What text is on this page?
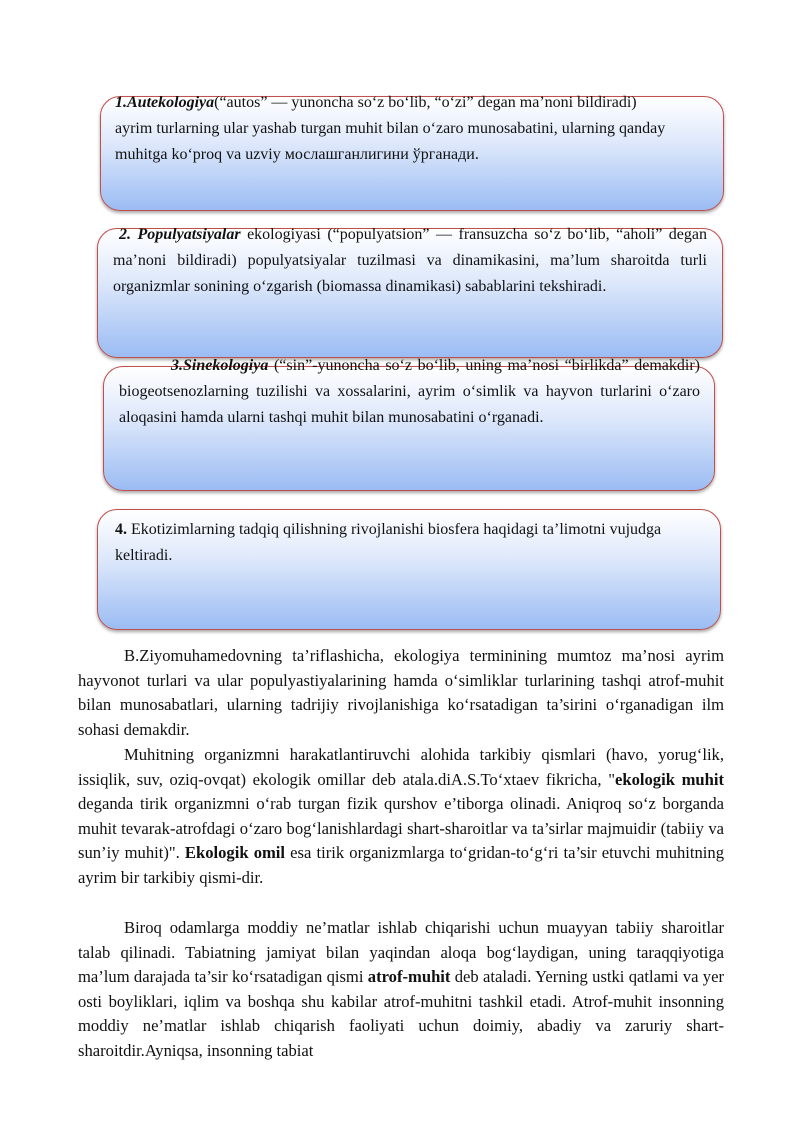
1.Autekologiya(“autos” — yunoncha so‘z bo‘lib, “o‘zi” degan ma’noni bildiradi) ayrim turlarning ular yashab turgan muhit bilan o‘zaro munosabatini, ularning qanday muhitga ko‘proq va uzviy мослашганлигини ўрганади.
2. Populyatsiyalar ekologiyasi (“populyatsion” — fransuzcha so‘z bo‘lib, “aholi” degan ma’noni bildiradi) populyatsiyalar tuzilmasi va dinamikasini, ma’lum sharoitda turli organizmlar sonining o‘zgarish (biomassa dinamikasi) sabablarini tekshiradi.
3.Sinekologiya (“sin”-yunoncha so‘z bo‘lib, uning ma’nosi “birlikda” demakdir) biogeotsenozlarning tuzilishi va xossalarini, ayrim o‘simlik va hayvon turlarini o‘zaro aloqasini hamda ularni tashqi muhit bilan munosabatini o‘rganadi.
4. Ekotizimlarning tadqiq qilishning rivojlanishi biosfera haqidagi ta’limotni vujudga keltiradi.
B.Ziyomuhamedovning ta’riflashicha, ekologiya terminining mumtoz ma’nosi ayrim hayvonot turlari va ular populyastiyalarining hamda o‘simliklar turlarining tashqi atrof-muhit bilan munosabatlari, ularning tadrijiy rivojlanishiga ko‘rsatadigan ta’sirini o‘rganadigan ilm sohasi demakdir.
Muhitning organizmni harakatlantiruvchi alohida tarkibiy qismlari (havo, yorug‘lik, issiqlik, suv, oziq-ovqat) ekologik omillar deb atala.diA.S.To‘xtaev fikricha, "ekologik muhit deganda tirik organizmni o‘rab turgan fizik qurshov e’tiborga olinadi. Aniqroq so‘z borganda muhit tevarak-atrofdagi o‘zaro bog‘lanishlardagi shart-sharoitlar va ta’sirlar majmuidir (tabiiy va sun’iy muhit)". Ekologik omil esa tirik organizmlarga to‘gridan-to‘g‘ri ta’sir etuvchi muhitning ayrim bir tarkibiy qismi-dir.
Biroq odamlarga moddiy ne’matlar ishlab chiqarishi uchun muayyan tabiiy sharoitlar talab qilinadi. Tabiatning jamiyat bilan yaqindan aloqa bog‘laydigan, uning taraqqiyotiga ma’lum darajada ta’sir ko‘rsatadigan qismi atrof-muhit deb ataladi. Yerning ustki qatlami va yer osti boyliklari, iqlim va boshqa shu kabilar atrof-muhitni tashkil etadi. Atrof-muhit insonning moddiy ne’matlar ishlab chiqarish faoliyati uchun doimiy, abadiy va zaruriy shart-sharoitdir.Ayniqsa, insonning tabiat
